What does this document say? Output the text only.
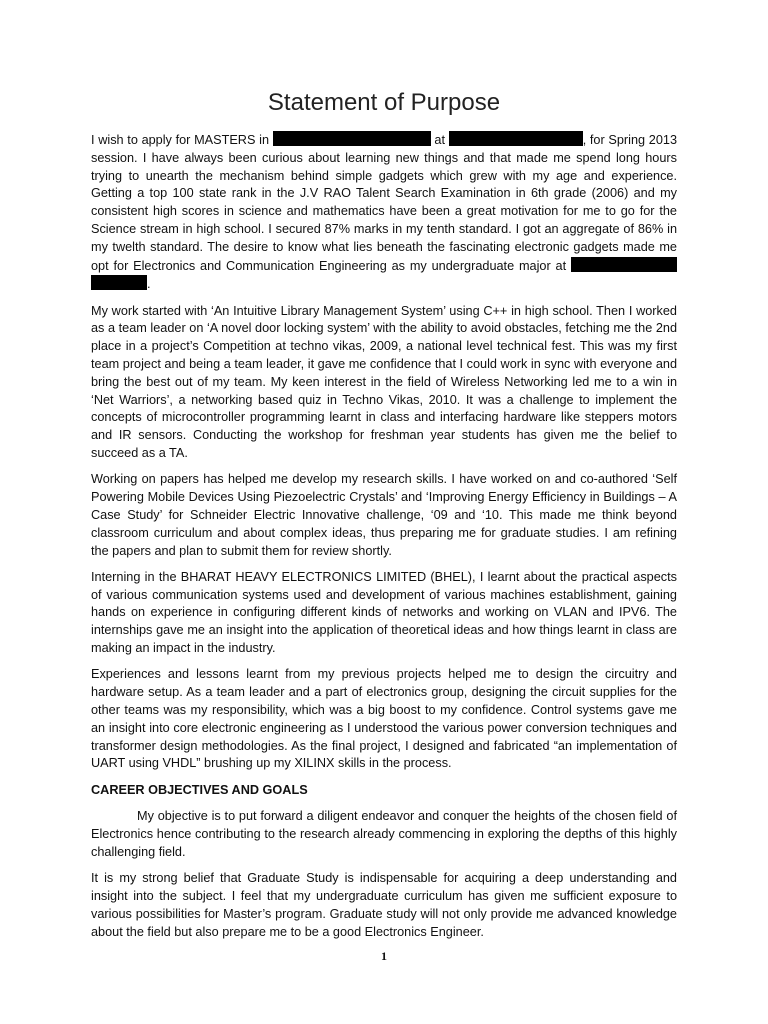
Statement of Purpose

I wish to apply for MASTERS in	at	, for Spring 2013 session. I have always been curious about learning new things and that made me spend long hours trying to unearth the mechanism behind simple gadgets which grew with my age and experience. Getting a top 100 state rank in the J.V RAO Talent Search Examination in 6th grade (2006) and my consistent high scores in science and mathematics have been a great motivation for me to go for the Science stream in high school. I secured 87% marks in my tenth standard. I got an aggregate of 86% in my twelth standard. The desire to know what lies beneath the fascinating electronic gadgets made me opt for Electronics and Communication Engineering as my undergraduate major at  .

My work started with ‘An Intuitive Library Management System’ using C++ in high school. Then I worked as a team leader on ‘A novel door locking system’ with the ability to avoid obstacles, fetching me the 2nd place in a project’s Competition at techno vikas, 2009, a national level technical fest. This was my first team project and being a team leader, it gave me confidence that I could work in sync with everyone and bring the best out of my team. My keen interest in the field of Wireless Networking led me to a win in ‘Net Warriors’, a networking based quiz in Techno Vikas, 2010. It was a challenge to implement the concepts of microcontroller programming learnt in class and interfacing hardware like steppers motors and IR sensors. Conducting the workshop for freshman year students has given me the belief to succeed as a TA.

Working on papers has helped me develop my research skills. I have worked on and co-authored ‘Self Powering Mobile Devices Using Piezoelectric Crystals’ and ‘Improving Energy Efficiency in Buildings – A Case Study’ for Schneider Electric Innovative challenge, ‘09 and ‘10. This made me think beyond classroom curriculum and about complex ideas, thus preparing me for graduate studies. I am refining the papers and plan to submit them for review shortly.

Interning in the BHARAT HEAVY ELECTRONICS LIMITED (BHEL), I learnt about the practical aspects of various communication systems used and development of various machines establishment, gaining hands on experience in configuring different kinds of networks and working on VLAN and IPV6. The internships gave me an insight into the application of theoretical ideas and how things learnt in class are making an impact in the industry.

Experiences and lessons learnt from my previous projects helped me to design the circuitry and hardware setup. As a team leader and a part of electronics group, designing the circuit supplies for the other teams was my responsibility, which was a big boost to my confidence. Control systems gave me an insight into core electronic engineering as I understood the various power conversion techniques and transformer design methodologies. As the final project, I designed and fabricated “an implementation of UART using VHDL” brushing up my XILINX skills in the process.

CAREER OBJECTIVES AND GOALS

My objective is to put forward a diligent endeavor and conquer the heights of the chosen field of Electronics hence contributing to the research already commencing in exploring the depths of this highly challenging field.

It is my strong belief that Graduate Study is indispensable for acquiring a deep understanding and insight into the subject. I feel that my undergraduate curriculum has given me sufficient exposure to various possibilities for Master’s program. Graduate study will not only provide me advanced knowledge about the field but also prepare me to be a good Electronics Engineer.

1
